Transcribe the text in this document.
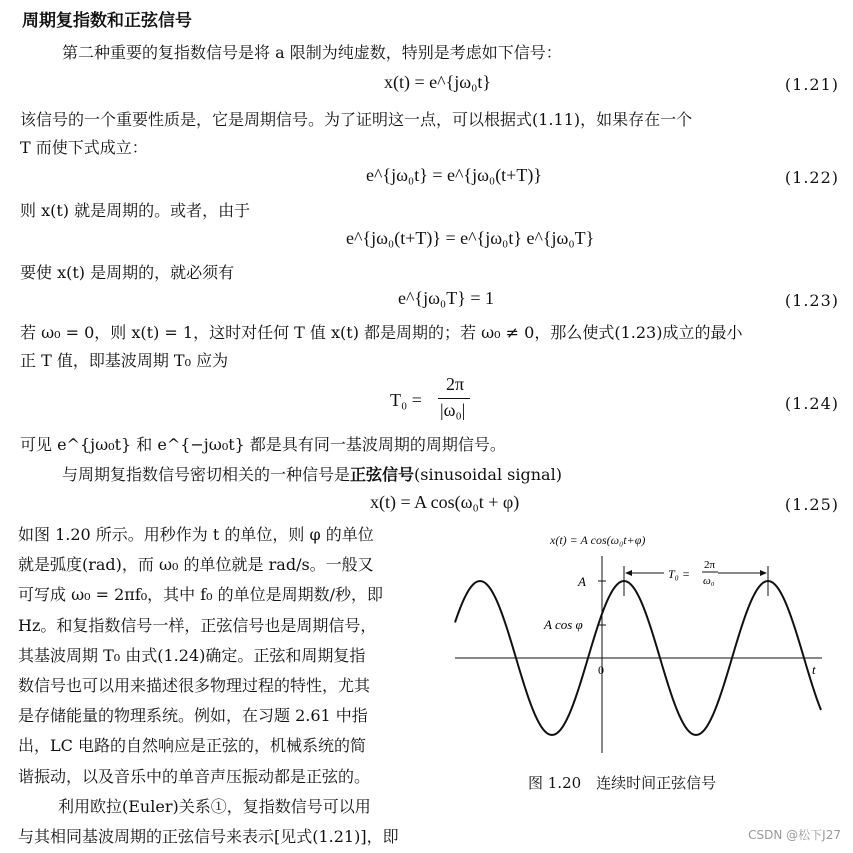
周期复指数和正弦信号
第二种重要的复指数信号是将 a 限制为纯虚数，特别是考虑如下信号：
x(t) = e^{jω₀t}	(1.21)
该信号的一个重要性质是，它是周期信号。为了证明这一点，可以根据式(1.11)，如果存在一个
T 而使下式成立：
e^{jω₀t} = e^{jω₀(t+T)}	(1.22)
则 x(t) 就是周期的。或者，由于
e^{jω₀(t+T)} = e^{jω₀t} e^{jω₀T}
要使 x(t) 是周期的，就必须有
e^{jω₀T} = 1	(1.23)
若 ω₀ = 0，则 x(t) = 1，这时对任何 T 值 x(t) 都是周期的；若 ω₀ ≠ 0，那么使式(1.23)成立的最小
正 T 值，即基波周期 T₀ 应为
T₀ =
2π
|ω₀|	(1.24)
可见 e^{jω₀t} 和 e^{−jω₀t} 都是具有同一基波周期的周期信号。
与周期复指数信号密切相关的一种信号是正弦信号(sinusoidal signal)
x(t) = A cos(ω₀t + φ)	(1.25)
如图 1.20 所示。用秒作为 t 的单位，则 φ 的单位
就是弧度(rad)，而 ω₀ 的单位就是 rad/s。一般又
可写成 ω₀ = 2πf₀，其中 f₀ 的单位是周期数/秒，即
Hz。和复指数信号一样，正弦信号也是周期信号，
其基波周期 T₀ 由式(1.24)确定。正弦和周期复指
数信号也可以用来描述很多物理过程的特性，尤其
是存储能量的物理系统。例如，在习题 2.61 中指
出，LC 电路的自然响应是正弦的，机械系统的简
谐振动，以及音乐中的单音声压振动都是正弦的。
利用欧拉(Euler)关系①，复指数信号可以用
与其相同基波周期的正弦信号来表示[见式(1.21)]，即
x(t) = A cos(ω₀t+φ)
t
0
A
A cos φ
T₀ =
2π
ω₀
图 1.20　连续时间正弦信号
CSDN @松下J27
